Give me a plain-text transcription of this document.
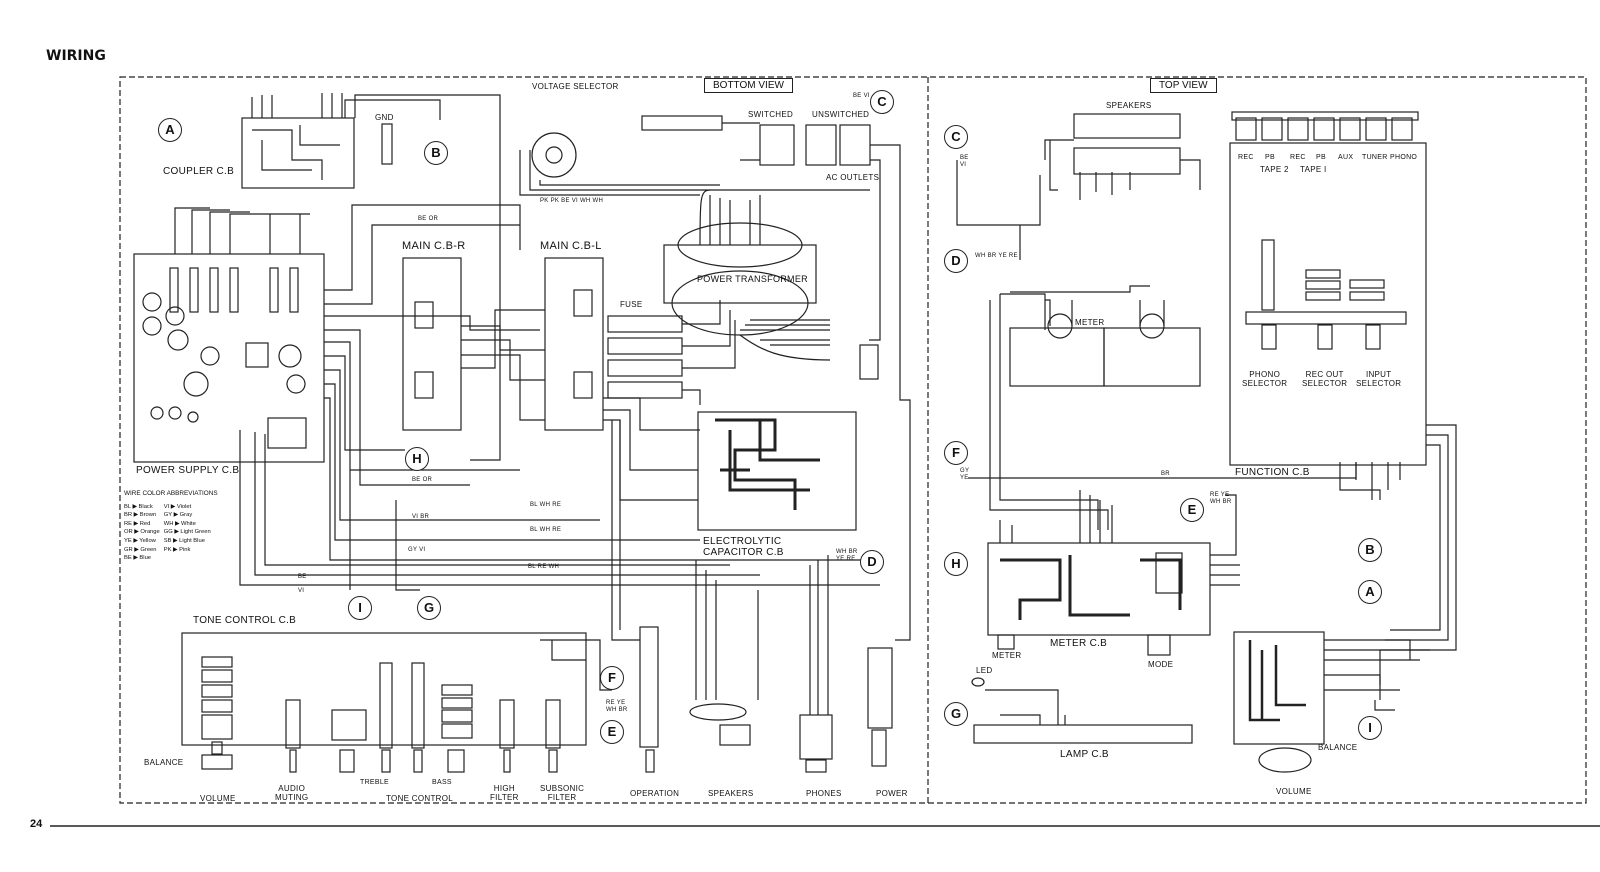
WIRING
BOTTOM VIEW	TOP VIEW
COUPLER C.B
POWER SUPPLY C.B
MAIN C.B-R	MAIN C.B-L
POWER TRANSFORMER
ELECTROLYTIC
CAPACITOR C.B
TONE CONTROL C.B
FUNCTION C.B
METER C.B
LAMP C.B
VOLTAGE SELECTOR
GND	SWITCHED UNSWITCHED
AC OUTLETS
FUSE
SPEAKERS
METER
LED
MODE
METER
PHONO
SELECTOR
REC OUT
SELECTOR
INPUT
SELECTOR
BALANCE
VOLUME
TAPE 2 TAPE I
REC PB REC PB AUX TUNER PHONO
BALANCE
VOLUME
AUDIO
MUTING
TREBLE	BASS
TONE CONTROL
HIGH
FILTER
SUBSONIC
FILTER	OPERATION	SPEAKERS	PHONES	POWER
PK PK BE VI WH WH
WH BR YE RE
BL WH RE
BL WH RE
VI BR
GY VI
BL RE WH
BE OR
BE OR
RE YE
WH BR
RE YE
WH BR
WH BR
YE RE
GY
YE
BE VI
BE
VI
BR
VI
BE
A
B
C
H
I	G
F
E
D
C
D
F
H
G
E
B
A
I
WIRE COLOR ABBREVIATIONS
BL ▶ Black	VI ▶ Violet
BR ▶ Brown	GY ▶ Gray
RE ▶ Red	WH ▶ White
OR ▶ Orange	GG ▶ Light Green
YE ▶ Yellow	SB ▶ Light Blue
GR ▶ Green	PK ▶ Pink
BE ▶ Blue	
24
